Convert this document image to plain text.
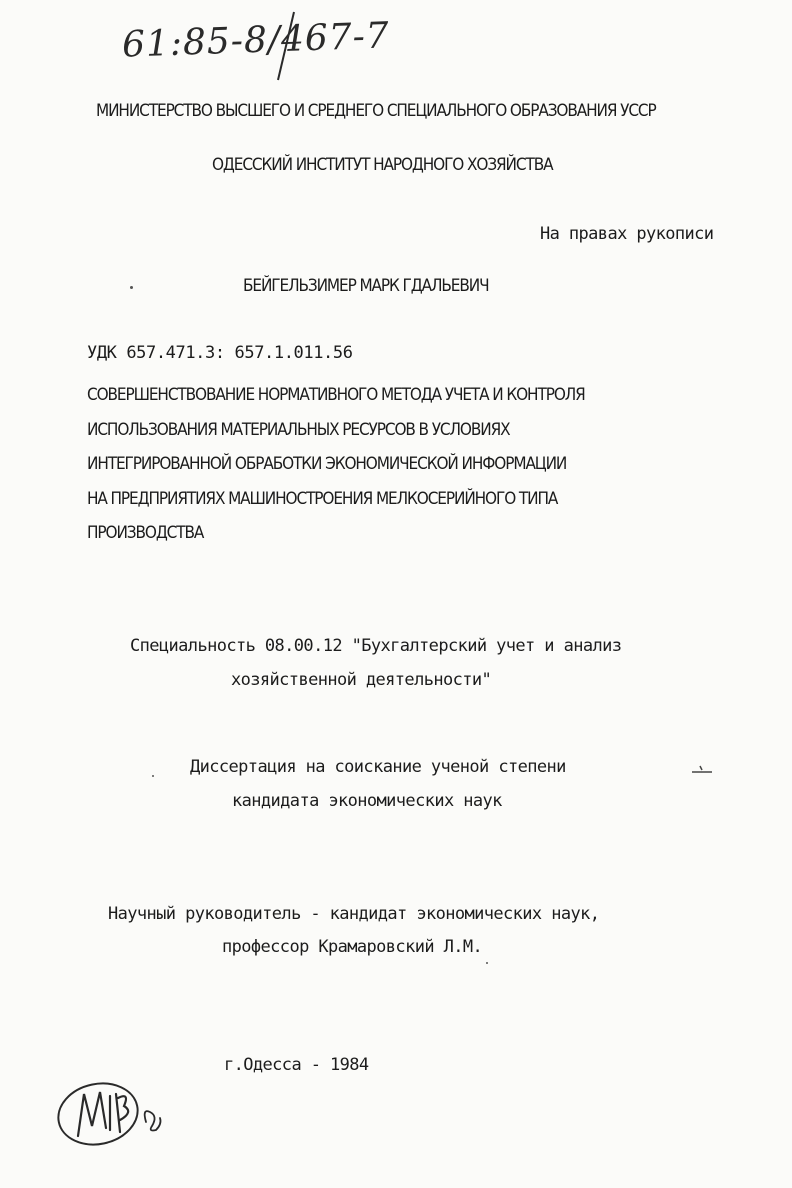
61:85-8/467-7
МИНИСТЕРСТВО ВЫСШЕГО И СРЕДНЕГО СПЕЦИАЛЬНОГО ОБРАЗОВАНИЯ УССР
ОДЕССКИЙ ИНСТИТУТ НАРОДНОГО ХОЗЯЙСТВА
На правах рукописи
БЕЙГЕЛЬЗИМЕР МАРК ГДАЛЬЕВИЧ
УДК 657.471.3: 657.1.011.56
СОВЕРШЕНСТВОВАНИЕ НОРМАТИВНОГО МЕТОДА УЧЕТА И КОНТРОЛЯ
ИСПОЛЬЗОВАНИЯ МАТЕРИАЛЬНЫХ РЕСУРСОВ В УСЛОВИЯХ
ИНТЕГРИРОВАННОЙ ОБРАБОТКИ ЭКОНОМИЧЕСКОЙ ИНФОРМАЦИИ
НА ПРЕДПРИЯТИЯХ МАШИНОСТРОЕНИЯ МЕЛКОСЕРИЙНОГО ТИПА
ПРОИЗВОДСТВА
Специальность 08.00.12 "Бухгалтерский учет и анализ
хозяйственной деятельности"
Диссертация на соискание ученой степени
кандидата экономических наук
Научный руководитель - кандидат экономических наук,
профессор Крамаровский Л.М.
г.Одесса - 1984
